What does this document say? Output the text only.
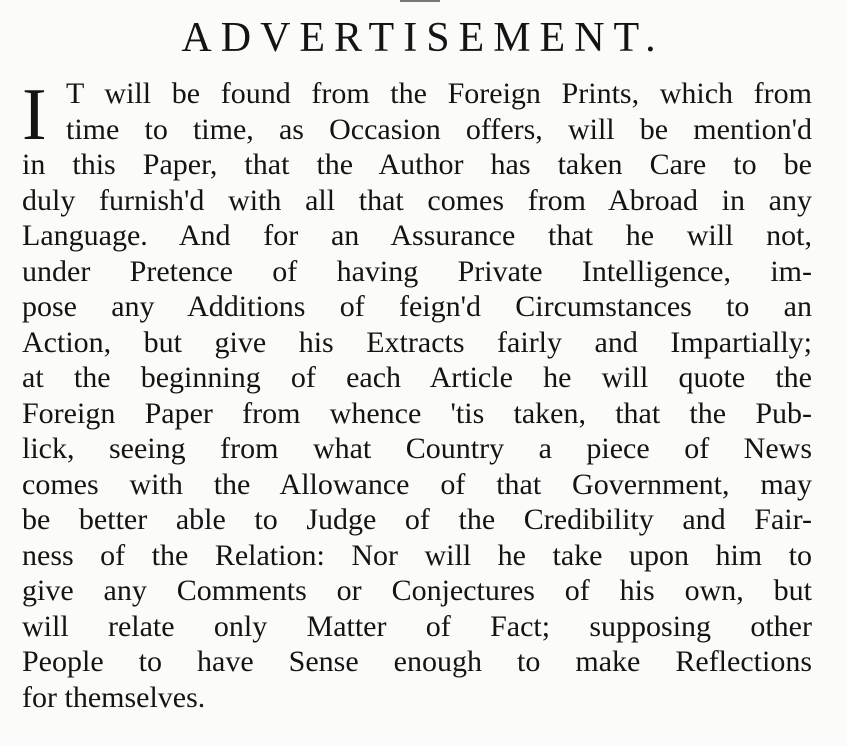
ADVERTISEMENT.
I T will be found from the Foreign Prints, which from
time to time, as Occasion offers, will be mention'd
in this Paper, that the Author has taken Care to be
duly furnish'd with all that comes from Abroad in any
Language. And for an Assurance that he will not,
under Pretence of having Private Intelligence, im-
pose any Additions of feign'd Circumstances to an
Action, but give his Extracts fairly and Impartially;
at the beginning of each Article he will quote the
Foreign Paper from whence 'tis taken, that the Pub-
lick, seeing from what Country a piece of News
comes with the Allowance of that Government, may
be better able to Judge of the Credibility and Fair-
ness of the Relation: Nor will he take upon him to
give any Comments or Conjectures of his own, but
will relate only Matter of Fact; supposing other
People to have Sense enough to make Reflections
for themselves.
